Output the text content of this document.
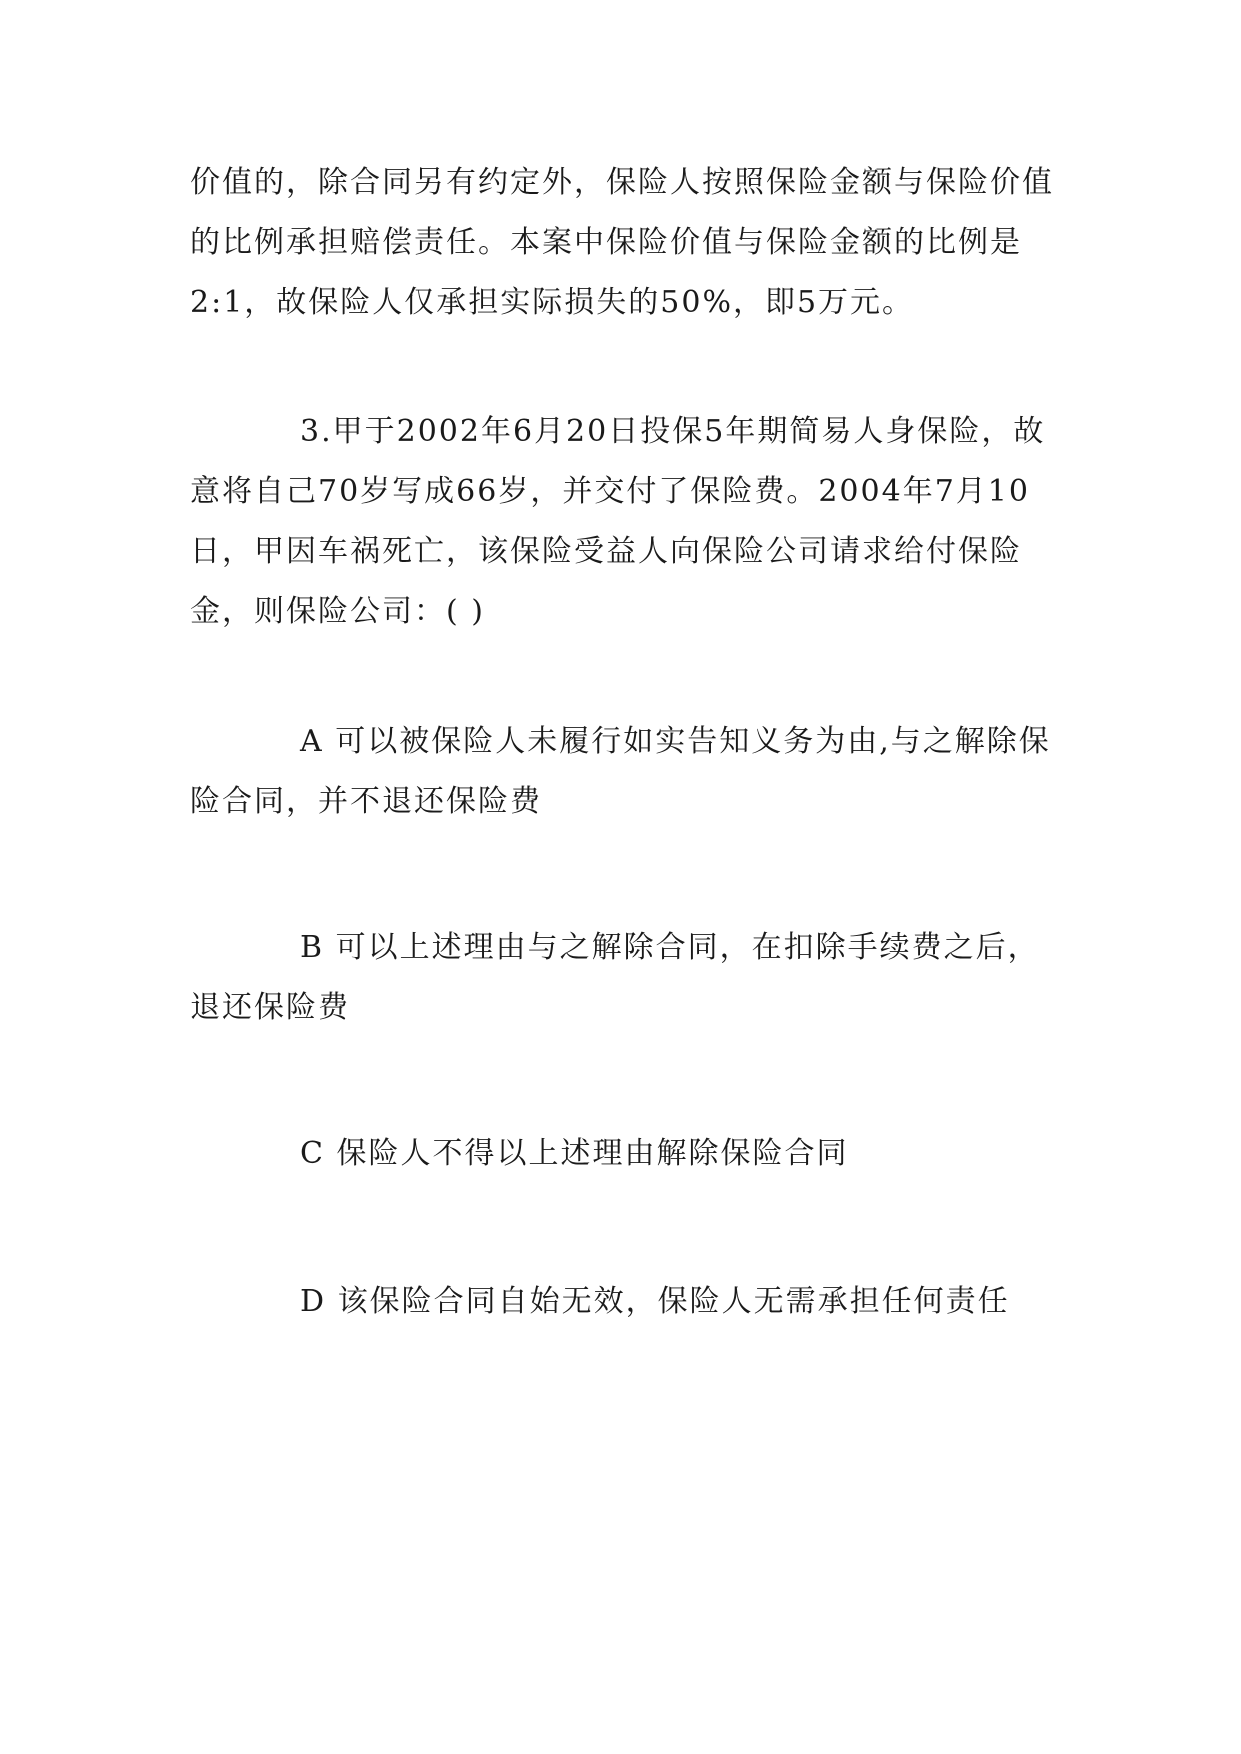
价值的，除合同另有约定外，保险人按照保险金额与保险价值的比例承担赔偿责任。本案中保险价值与保险金额的比例是2:1，故保险人仅承担实际损失的50%，即5万元。

3.甲于2002年6月20日投保5年期简易人身保险，故意将自己70岁写成66岁，并交付了保险费。2004年7月10日，甲因车祸死亡，该保险受益人向保险公司请求给付保险金，则保险公司：( )

A 可以被保险人未履行如实告知义务为由,与之解除保险合同，并不退还保险费

B 可以上述理由与之解除合同，在扣除手续费之后，退还保险费

C 保险人不得以上述理由解除保险合同

D 该保险合同自始无效，保险人无需承担任何责任
